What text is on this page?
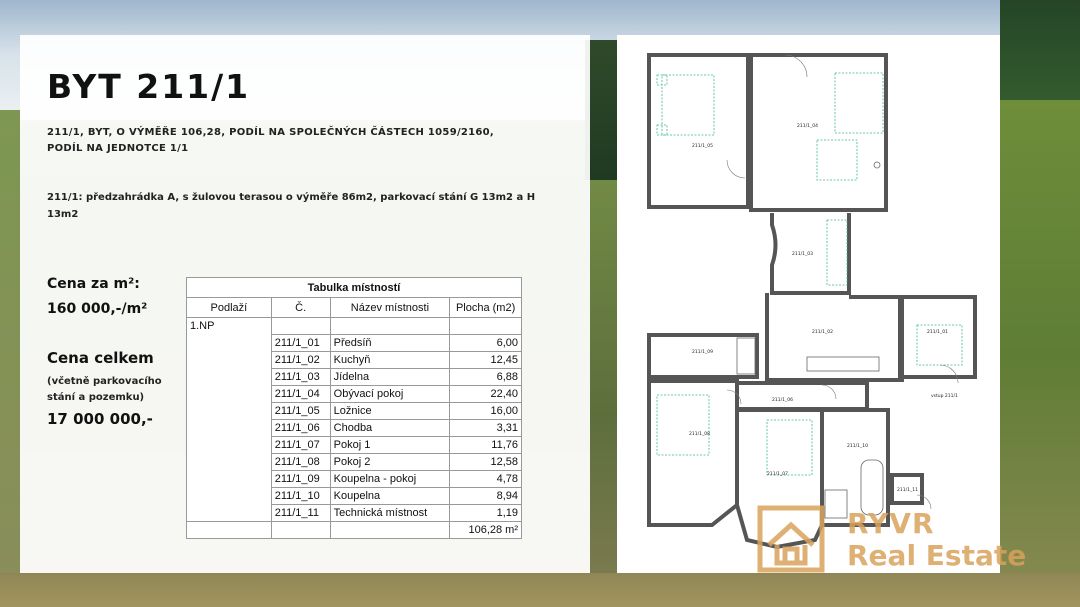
BYT 211/1
211/1, BYT, O VÝMĚŘE 106,28, PODÍL NA SPOLEČNÝCH ČÁSTECH 1059/2160, PODÍL NA JEDNOTCE 1/1
211/1: předzahrádka A, s žulovou terasou o výměře 86m2, parkovací stání G 13m2 a H 13m2
Cena za m²:
160 000,-/m²
Cena celkem
(včetně parkovacího stání a pozemku)
17 000 000,-
Tabulka místností			
Podlaží	Č.	Název místnosti	Plocha (m2)
1.NP			
	211/1_01	Předsíň	6,00
	211/1_02	Kuchyň	12,45
	211/1_03	Jídelna	6,88
	211/1_04	Obývací pokoj	22,40
	211/1_05	Ložnice	16,00
	211/1_06	Chodba	3,31
	211/1_07	Pokoj 1	11,76
	211/1_08	Pokoj 2	12,58
	211/1_09	Koupelna - pokoj	4,78
	211/1_10	Koupelna	8,94
	211/1_11	Technická místnost	1,19
			106,28 m²
211/1_05
211/1_04
211/1_03
211/1_02	211/1_01
211/1_09
211/1_06
211/1_08
211/1_07
211/1_10
211/1_11
vstup 211/1
RYVR
Real Estate
